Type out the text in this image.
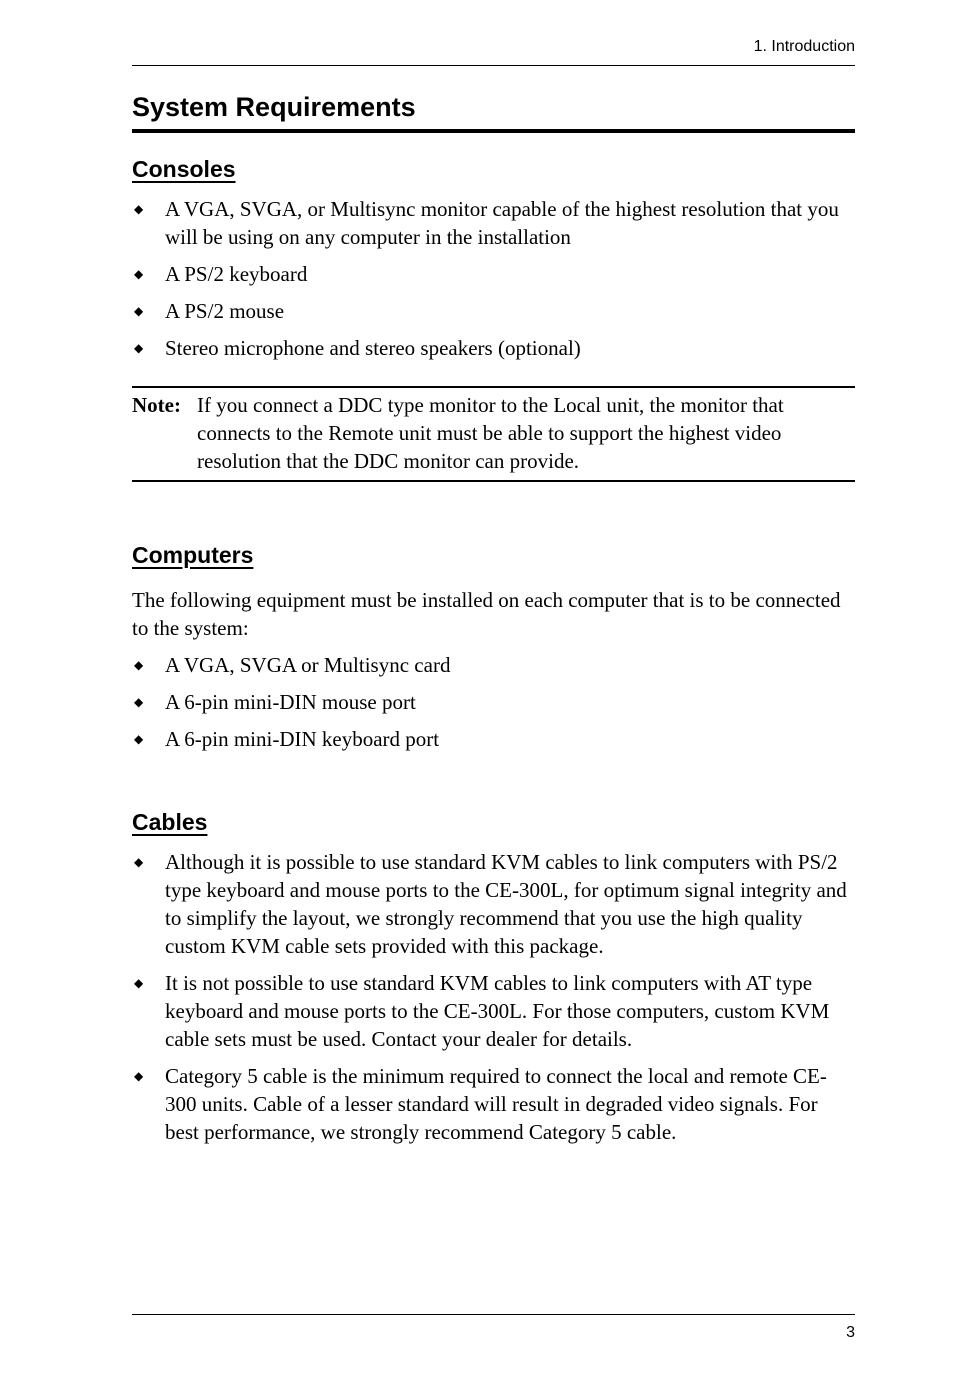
1. Introduction
System Requirements
Consoles
◆ A VGA, SVGA, or Multisync monitor capable of the highest resolution that you will be using on any computer in the installation
◆ A PS/2 keyboard
◆ A PS/2 mouse
◆ Stereo microphone and stereo speakers (optional)
Note: If you connect a DDC type monitor to the Local unit, the monitor that connects to the Remote unit must be able to support the highest video resolution that the DDC monitor can provide.

Computers

The following equipment must be installed on each computer that is to be connected to the system:

◆ A VGA, SVGA or Multisync card
◆ A 6-pin mini-DIN mouse port
◆ A 6-pin mini-DIN keyboard port
Cables
◆ Although it is possible to use standard KVM cables to link computers with PS/2 type keyboard and mouse ports to the CE-300L, for optimum signal integrity and to simplify the layout, we strongly recommend that you use the high quality custom KVM cable sets provided with this package.
◆ It is not possible to use standard KVM cables to link computers with AT type keyboard and mouse ports to the CE-300L. For those computers, custom KVM cable sets must be used. Contact your dealer for details.
◆ Category 5 cable is the minimum required to connect the local and remote CE-300 units. Cable of a lesser standard will result in degraded video signals. For best performance, we strongly recommend Category 5 cable.
3
